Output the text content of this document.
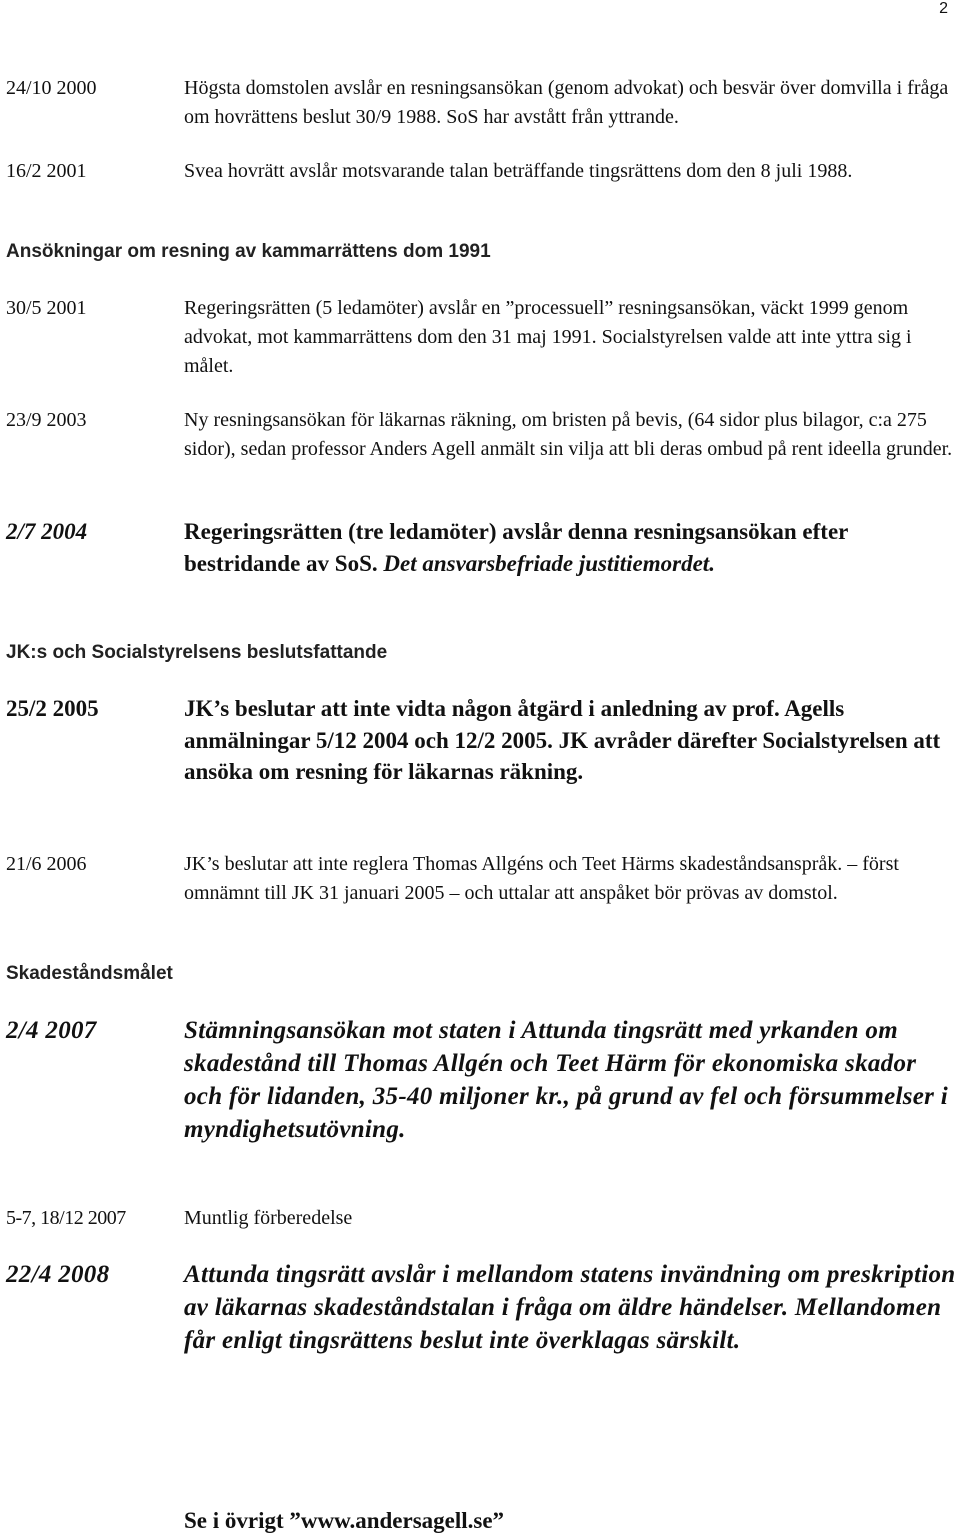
2
24/10 2000	Högsta domstolen avslår en resningsansökan (genom advokat) och besvär över domvilla i fråga om hovrättens beslut 30/9 1988. SoS har avstått från yttrande.
16/2 2001	Svea hovrätt avslår motsvarande talan beträffande tingsrättens dom den 8 juli 1988.
Ansökningar om resning av kammarrättens dom 1991
30/5 2001	Regeringsrätten (5 ledamöter) avslår en ”processuell” resningsansökan, väckt 1999 genom advokat, mot kammarrättens dom den 31 maj 1991. Socialstyrelsen valde att inte yttra sig i målet.
23/9 2003	Ny resningsansökan för läkarnas räkning, om bristen på bevis, (64 sidor plus bilagor, c:a 275 sidor), sedan professor Anders Agell anmält sin vilja att bli deras ombud på rent ideella grunder.
2/7 2004	Regeringsrätten (tre ledamöter) avslår denna resningsansökan efter bestridande av SoS. Det ansvarsbefriade justitiemordet.
JK:s och Socialstyrelsens beslutsfattande
25/2 2005	JK’s beslutar att inte vidta någon åtgärd i anledning av prof. Agells anmälningar 5/12 2004 och 12/2 2005. JK avråder därefter Socialstyrelsen att ansöka om resning för läkarnas räkning.
21/6 2006	JK’s beslutar att inte reglera Thomas Allgéns och Teet Härms skadeståndsanspråk. – först omnämnt till JK 31 januari 2005 – och uttalar att anspåket bör prövas av domstol.
Skadeståndsmålet
2/4 2007	Stämningsansökan mot staten i Attunda tingsrätt med yrkanden om skadestånd till Thomas Allgén och Teet Härm för ekonomiska skador och för lidanden, 35-40 miljoner kr., på grund av fel och försummelser i myndighetsutövning.
5-7, 18/12 2007	Muntlig förberedelse
22/4 2008	Attunda tingsrätt avslår i mellandom statens invändning om preskription av läkarnas skadeståndstalan i fråga om äldre händelser. Mellandomen får enligt tingsrättens beslut inte överklagas särskilt.
Se i övrigt ”www.andersagell.se”
